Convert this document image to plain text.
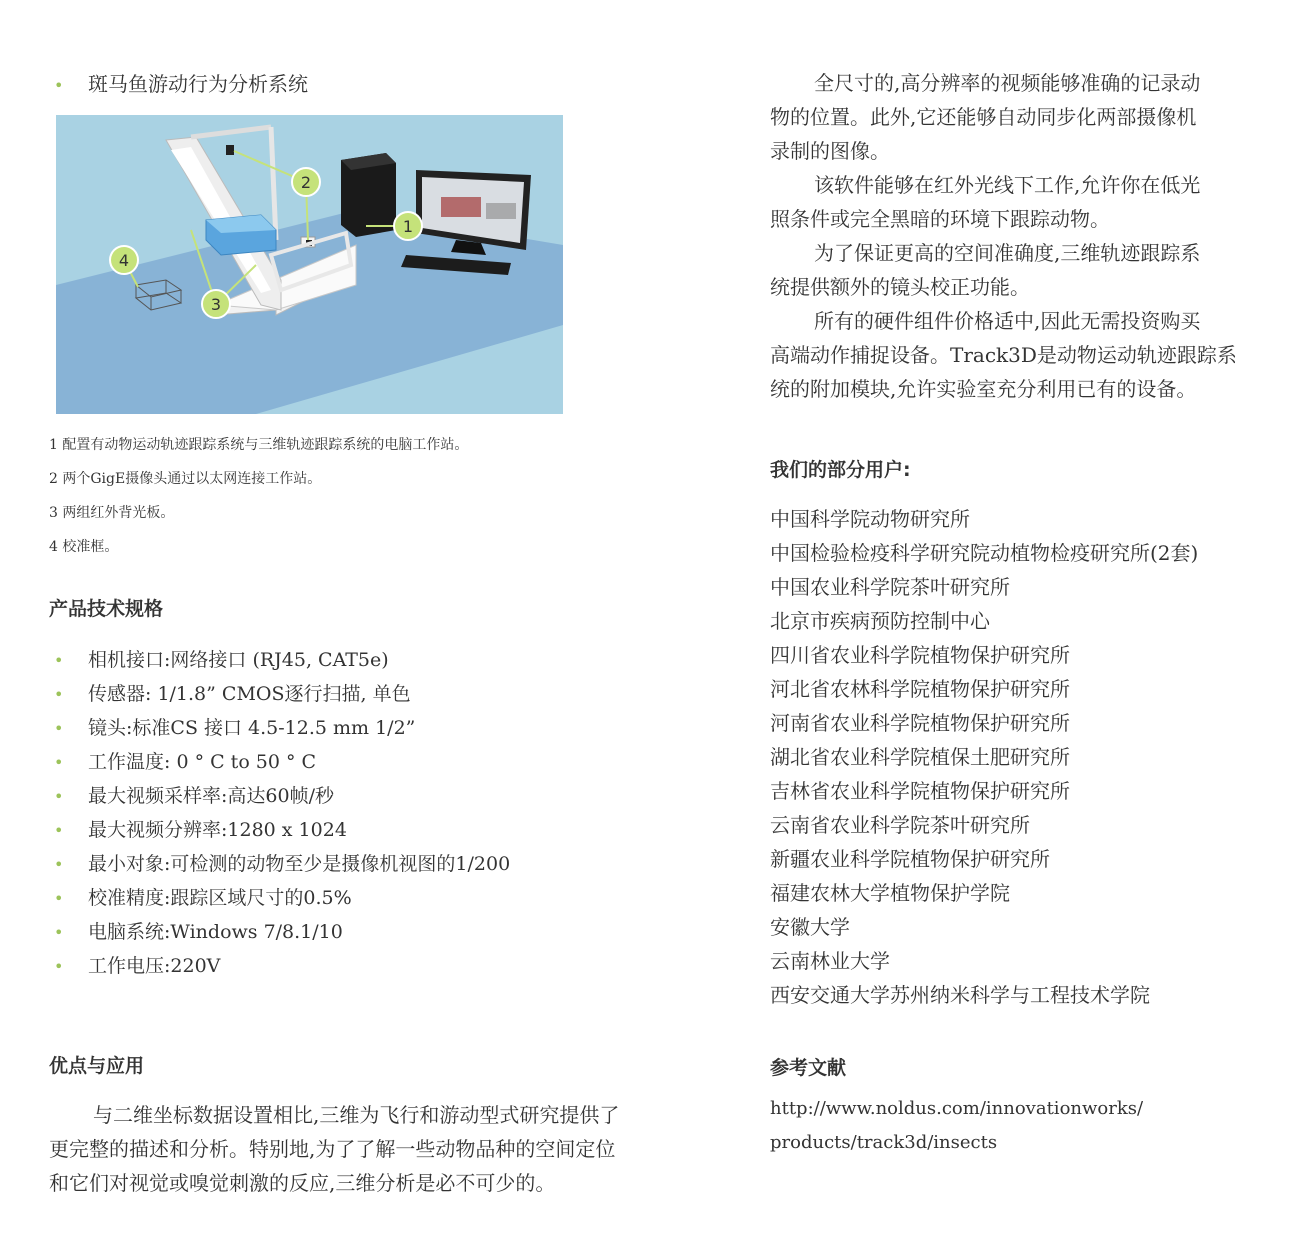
• 斑马鱼游动行为分析系统
1
2
3
4
1 配置有动物运动轨迹跟踪系统与三维轨迹跟踪系统的电脑工作站。
2 两个GigE摄像头通过以太网连接工作站。
3 两组红外背光板。
4 校准框。
产品技术规格
• 相机接口:网络接口 (RJ45, CAT5e)
• 传感器: 1/1.8” CMOS逐行扫描, 单色
• 镜头:标准CS 接口 4.5-12.5 mm 1/2”
• 工作温度: 0 ° C to 50 ° C
• 最大视频采样率:高达60帧/秒
• 最大视频分辨率:1280 x 1024
• 最小对象:可检测的动物至少是摄像机视图的1/200
• 校准精度:跟踪区域尺寸的0.5%
• 电脑系统:Windows 7/8.1/10
• 工作电压:220V
优点与应用
与二维坐标数据设置相比,三维为飞行和游动型式研究提供了
更完整的描述和分析。特别地,为了了解一些动物品种的空间定位
和它们对视觉或嗅觉刺激的反应,三维分析是必不可少的。
全尺寸的,高分辨率的视频能够准确的记录动
物的位置。此外,它还能够自动同步化两部摄像机
录制的图像。
该软件能够在红外光线下工作,允许你在低光
照条件或完全黑暗的环境下跟踪动物。
为了保证更高的空间准确度,三维轨迹跟踪系
统提供额外的镜头校正功能。
所有的硬件组件价格适中,因此无需投资购买
高端动作捕捉设备。Track3D是动物运动轨迹跟踪系
统的附加模块,允许实验室充分利用已有的设备。
我们的部分用户:
中国科学院动物研究所
中国检验检疫科学研究院动植物检疫研究所(2套)
中国农业科学院茶叶研究所
北京市疾病预防控制中心
四川省农业科学院植物保护研究所
河北省农林科学院植物保护研究所
河南省农业科学院植物保护研究所
湖北省农业科学院植保土肥研究所
吉林省农业科学院植物保护研究所
云南省农业科学院茶叶研究所
新疆农业科学院植物保护研究所
福建农林大学植物保护学院
安徽大学
云南林业大学
西安交通大学苏州纳米科学与工程技术学院
参考文献
http://www.noldus.com/innovationworks/
products/track3d/insects
